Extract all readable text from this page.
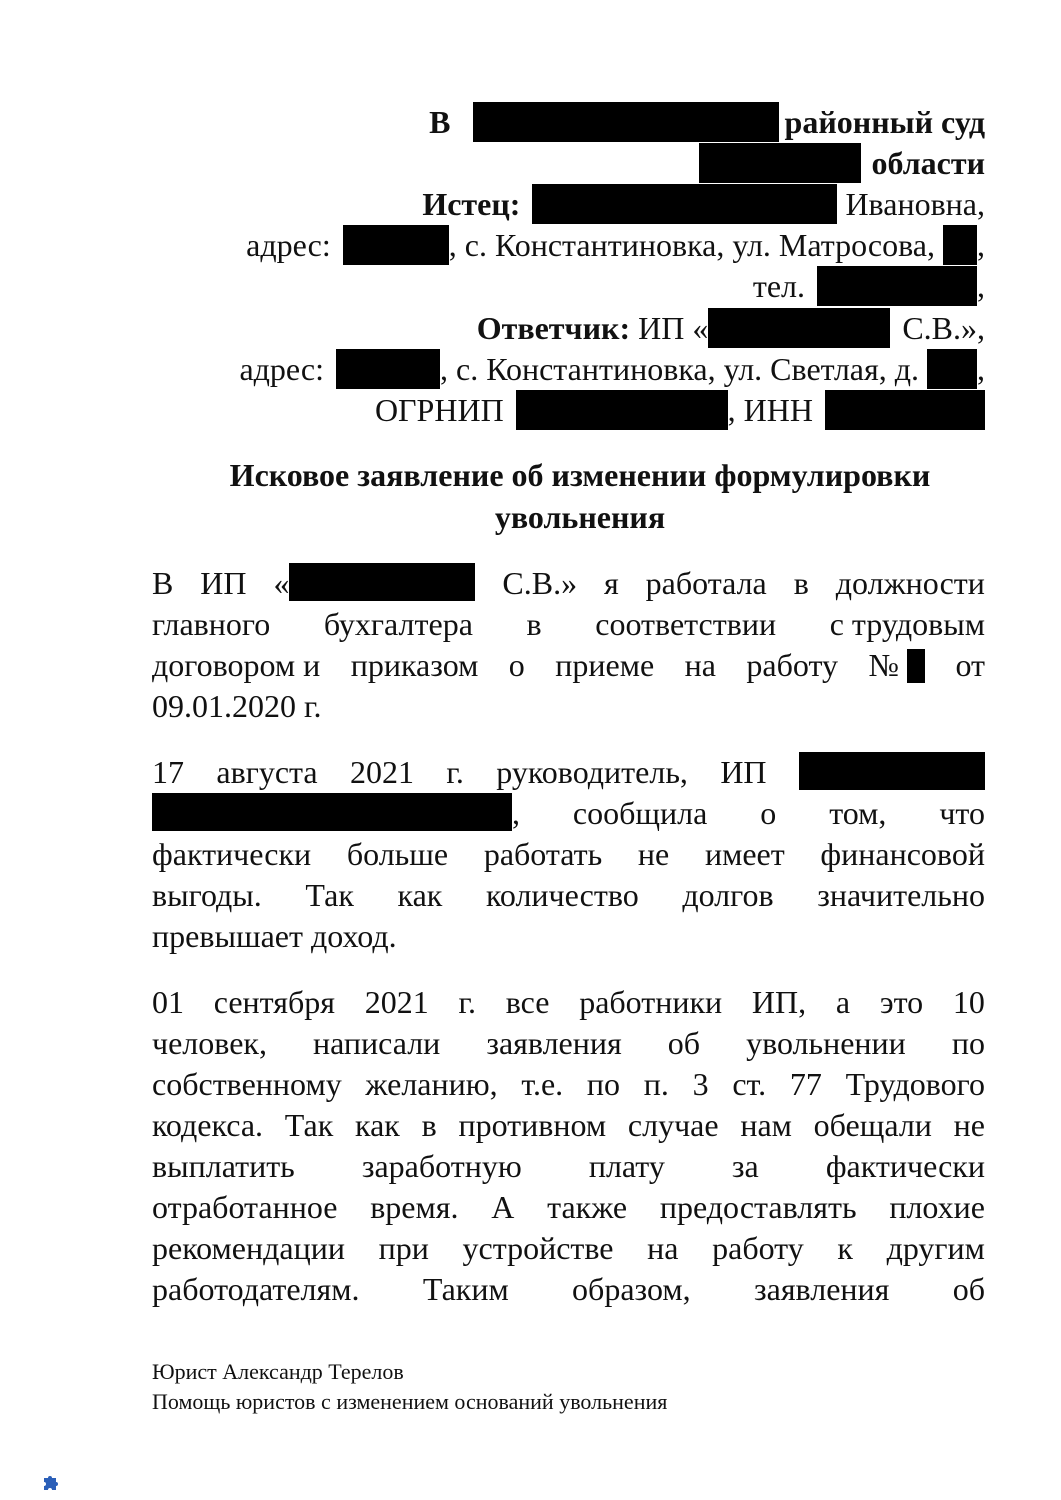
В	районный суд
области
Истец:	Ивановна,
адрес:	, с. Константиновка, ул. Матросова, ,
тел.	,
Ответчик: ИП «	С.В.»,
адрес:	, с. Константиновка, ул. Светлая, д. ,
ОГРНИП	, ИНН
Исковое заявление об изменении формулировки
увольнения
В ИП «	С.В.» я работала в должности
главного бухгалтера в соответствии с трудовым
договором и приказом о приеме на работу №	от
09.01.2020 г.
17 августа 2021 г. руководитель, ИП
, сообщила о том, что
фактически больше работать не имеет финансовой
выгоды. Так как количество долгов значительно
превышает доход.
01 сентября 2021 г. все работники ИП, а это 10
человек, написали заявления об увольнении по
собственному желанию, т.е. по п. 3 ст. 77 Трудового
кодекса. Так как в противном случае нам обещали не
выплатить заработную плату за фактически
отработанное время. А также предоставлять плохие
рекомендации при устройстве на работу к другим
работодателям. Таким образом, заявления об
Юрист Александр Терелов
Помощь юристов с изменением оснований увольнения
